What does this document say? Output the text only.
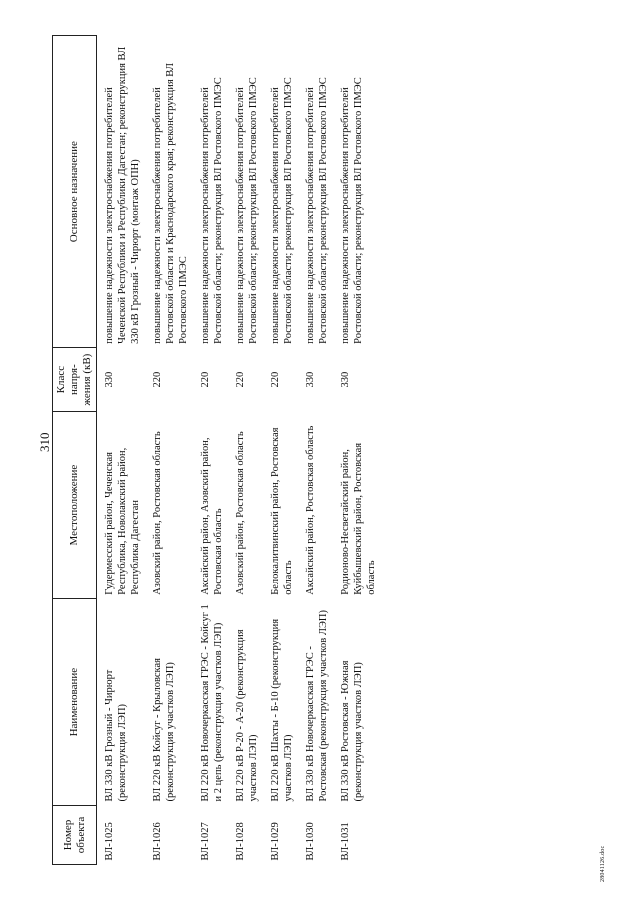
310
Номер объекта	Наименование	Местоположение	Класс напря-жения (кВ)	Основное назначение
ВЛ-1025	ВЛ 330 кВ Грозный - Чирюрт (реконструкция ЛЭП)	Гудермесский район, Чеченская Республика, Новолакский район, Республика Дагестан	330	повышение надежности электроснабжения потребителей Чеченской Республики и Республики Дагестан; реконструкция ВЛ 330 кВ Грозный - Чирюрт (монтаж ОПН)
ВЛ-1026	ВЛ 220 кВ Койсуг - Крыловская (реконструкция участков ЛЭП)	Азовский район, Ростовская область	220	повышение надежности электроснабжения потребителей Ростовской области и Краснодарского края; реконструкция ВЛ Ростовского ПМЭС
ВЛ-1027	ВЛ 220 кВ Новочеркасская ГРЭС - Койсуг 1 и 2 цепь (реконструкция участков ЛЭП)	Аксайский район, Азовский район, Ростовская область	220	повышение надежности электроснабжения потребителей Ростовской области; реконструкция ВЛ Ростовского ПМЭС
ВЛ-1028	ВЛ 220 кВ Р-20 - А-20 (реконструкция участков ЛЭП)	Азовский район, Ростовская область	220	повышение надежности электроснабжения потребителей Ростовской области; реконструкция ВЛ Ростовского ПМЭС
ВЛ-1029	ВЛ 220 кВ Шахты - Б-10 (реконструкция участков ЛЭП)	Белокалитвинский район, Ростовская область	220	повышение надежности электроснабжения потребителей Ростовской области; реконструкция ВЛ Ростовского ПМЭС
ВЛ-1030	ВЛ 330 кВ Новочеркасская ГРЭС - Ростовская (реконструкция участков ЛЭП)	Аксайский район, Ростовская область	330	повышение надежности электроснабжения потребителей Ростовской области; реконструкция ВЛ Ростовского ПМЭС
ВЛ-1031	ВЛ 330 кВ Ростовская - Южная (реконструкция участков ЛЭП)	Родионово-Несветайский район, Куйбышевский район, Ростовская область	330	повышение надежности электроснабжения потребителей Ростовской области; реконструкция ВЛ Ростовского ПМЭС
28041126.doc
